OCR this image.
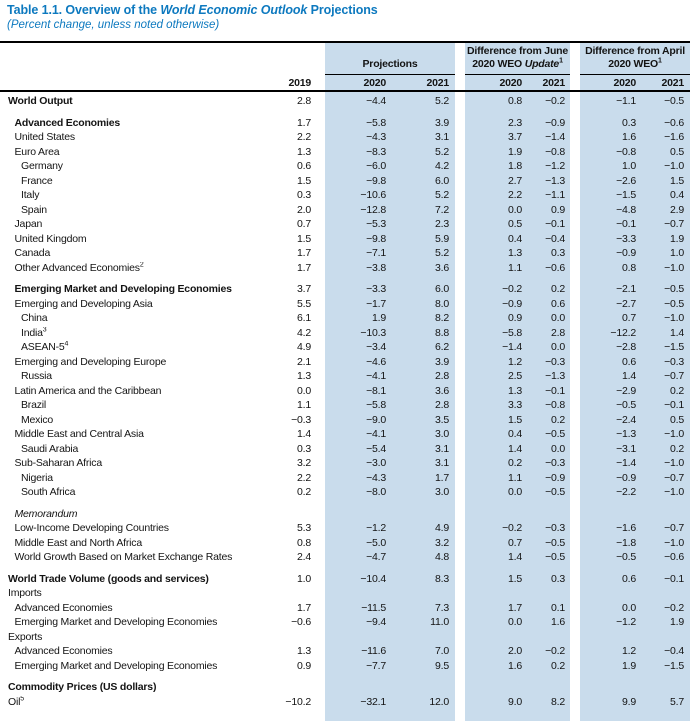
Table 1.1. Overview of the World Economic Outlook Projections
(Percent change, unless noted otherwise)
Projections
Difference from June
2020 WEO Update$^1$
Difference from April
2020 WEO$^1$
2019	2020	2021	2020	2021	2020	2021
World Output	2.8	−4.4	5.2	0.8	−0.2	−1.1	−0.5
Advanced Economies	1.7	−5.8	3.9	2.3	−0.9	0.3	−0.6
United States	2.2	−4.3	3.1	3.7	−1.4	1.6	−1.6
Euro Area	1.3	−8.3	5.2	1.9	−0.8	−0.8	0.5
Germany	0.6	−6.0	4.2	1.8	−1.2	1.0	−1.0
France	1.5	−9.8	6.0	2.7	−1.3	−2.6	1.5
Italy	0.3	−10.6	5.2	2.2	−1.1	−1.5	0.4
Spain	2.0	−12.8	7.2	0.0	0.9	−4.8	2.9
Japan	0.7	−5.3	2.3	0.5	−0.1	−0.1	−0.7
United Kingdom	1.5	−9.8	5.9	0.4	−0.4	−3.3	1.9
Canada	1.7	−7.1	5.2	1.3	0.3	−0.9	1.0
Other Advanced Economies$^2$	1.7	−3.8	3.6	1.1	−0.6	0.8	−1.0
Emerging Market and Developing Economies	3.7	−3.3	6.0	−0.2	0.2	−2.1	−0.5
Emerging and Developing Asia	5.5	−1.7	8.0	−0.9	0.6	−2.7	−0.5
China	6.1	1.9	8.2	0.9	0.0	0.7	−1.0
India$^3$	4.2	−10.3	8.8	−5.8	2.8	−12.2	1.4
ASEAN-$5^4$	4.9	−3.4	6.2	−1.4	0.0	−2.8	−1.5
Emerging and Developing Europe	2.1	−4.6	3.9	1.2	−0.3	0.6	−0.3
Russia	1.3	−4.1	2.8	2.5	−1.3	1.4	−0.7
Latin America and the Caribbean	0.0	−8.1	3.6	1.3	−0.1	−2.9	0.2
Brazil	1.1	−5.8	2.8	3.3	−0.8	−0.5	−0.1
Mexico	−0.3	−9.0	3.5	1.5	0.2	−2.4	0.5
Middle East and Central Asia	1.4	−4.1	3.0	0.4	−0.5	−1.3	−1.0
Saudi Arabia	0.3	−5.4	3.1	1.4	0.0	−3.1	0.2
Sub-Saharan Africa	3.2	−3.0	3.1	0.2	−0.3	−1.4	−1.0
Nigeria	2.2	−4.3	1.7	1.1	−0.9	−0.9	−0.7
South Africa	0.2	−8.0	3.0	0.0	−0.5	−2.2	−1.0
Memorandum
Low-Income Developing Countries	5.3	−1.2	4.9	−0.2	−0.3	−1.6	−0.7
Middle East and North Africa	0.8	−5.0	3.2	0.7	−0.5	−1.8	−1.0
World Growth Based on Market Exchange Rates	2.4	−4.7	4.8	1.4	−0.5	−0.5	−0.6
World Trade Volume (goods and services)	1.0	−10.4	8.3	1.5	0.3	0.6	−0.1
Imports
Advanced Economies	1.7	−11.5	7.3	1.7	0.1	0.0	−0.2
Emerging Market and Developing Economies	−0.6	−9.4	11.0	0.0	1.6	−1.2	1.9
Exports
Advanced Economies	1.3	−11.6	7.0	2.0	−0.2	1.2	−0.4
Emerging Market and Developing Economies	0.9	−7.7	9.5	1.6	0.2	1.9	−1.5
Commodity Prices (US dollars)
Oil$^5$	−10.2	−32.1	12.0	9.0	8.2	9.9	5.7
